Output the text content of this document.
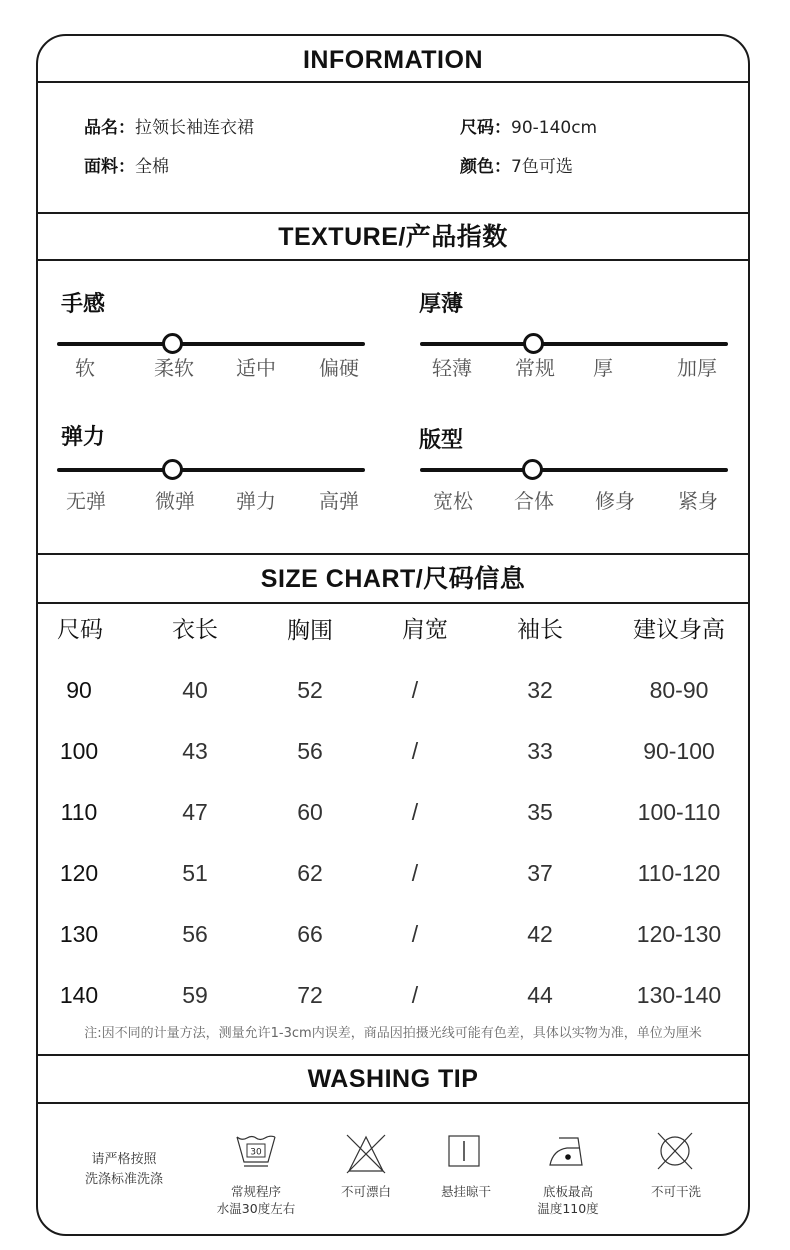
INFORMATION
品名：拉领长袖连衣裙
面料：全棉
尺码：90-140cm
颜色：7色可选
TEXTURE/产品指数
手感
软	柔软 适中 偏硬
厚薄
轻薄 常规 厚	加厚
弹力
无弹 微弹 弹力 高弹
版型
宽松 合体 修身 紧身
SIZE CHART/尺码信息
尺码	衣长	胸围	肩宽	袖长	建议身高
90	40	52	/	32	80-90
100	43	56	/	33	90-100
110	47	60	/	35	100-110
120	51	62	/	37	110-120
130	56	66	/	42	120-130
140	59	72	/	44	130-140
注:因不同的计量方法，测量允许1-3cm内误差，商品因拍摄光线可能有色差，具体以实物为准，单位为厘米
WASHING TIP
请严格按照
洗涤标准洗涤
30
常规程序
水温30度左右
不可漂白	悬挂晾干	底板最高
温度110度
不可干洗
